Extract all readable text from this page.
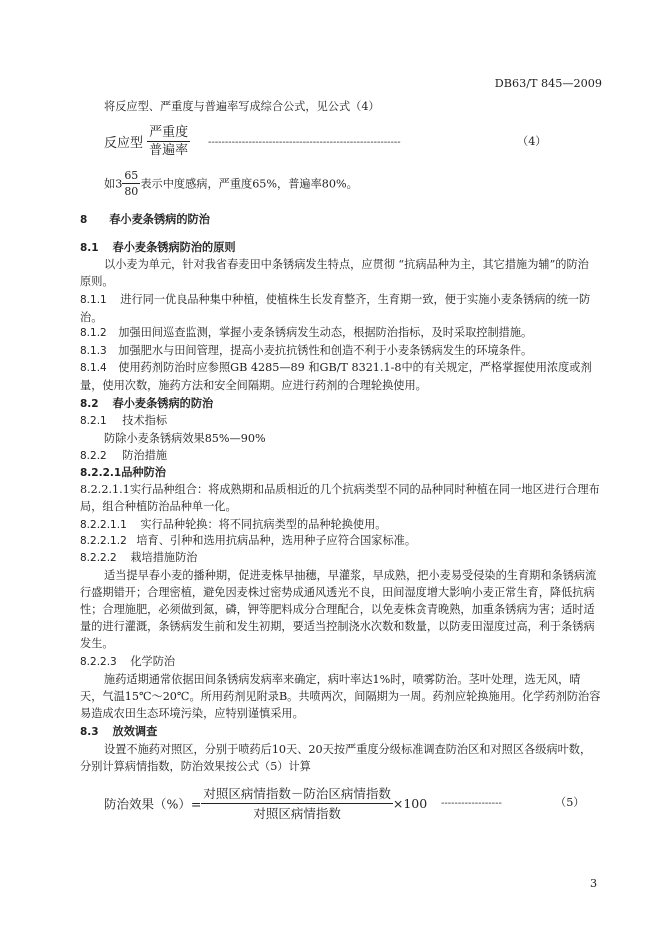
DB63/T 845—2009
将反应型、严重度与普遍率写成综合公式，见公式（4）
反应型 $\frac{\text{严重度}}{\text{普遍率}}$ ---------------------------------------------------------	（4）
如$3 \frac{65}{80}$ 表示中度感病，严重度65%，普遍率80%。
8 春小麦条锈病的防治
8.1 春小麦条锈病防治的原则
以小麦为单元，针对我省春麦田中条锈病发生特点，应贯彻 “抗病品种为主，其它措施为辅”的防治原则。
8.1.1 进行同一优良品种集中种植，使植株生长发育整齐，生育期一致，便于实施小麦条锈病的统一防治。
8.1.2 加强田间巡查监测，掌握小麦条锈病发生动态，根据防治指标，及时采取控制措施。
8.1.3 加强肥水与田间管理，提高小麦抗抗锈性和创造不利于小麦条锈病发生的环境条件。
8.1.4 使用药剂防治时应参照GB 4285—89 和GB/T 8321.1-8中的有关规定，严格掌握使用浓度或剂量，使用次数，施药方法和安全间隔期。应进行药剂的合理轮换使用。
8.2 春小麦条锈病的防治
8.2.1 技术指标
防除小麦条锈病效果85%—90%
8.2.2 防治措施
8.2.2.1品种防治
8.2.2.1.1实行品种组合：将成熟期和品质相近的几个抗病类型不同的品种同时种植在同一地区进行合理布局，组合种植防治品种单一化。
8.2.2.1.1 实行品种轮换：将不同抗病类型的品种轮换使用。
8.2.2.1.2 培育、引种和选用抗病品种，选用种子应符合国家标准。
8.2.2.2 栽培措施防治
适当提早春小麦的播种期，促进麦株早抽穗，早灌浆，早成熟，把小麦易受侵染的生育期和条锈病流行盛期错开；合理密植，避免因麦株过密势成通风透光不良，田间湿度增大影响小麦正常生育，降低抗病性；合理施肥，必须做到氮，磷，钾等肥料成分合理配合，以免麦株贪青晚熟，加重条锈病为害；适时适量的进行灌溉，条锈病发生前和发生初期，要适当控制浇水次数和数量，以防麦田湿度过高，利于条锈病发生。
8.2.2.3 化学防治
施药适期通常依据田间条锈病发病率来确定，病叶率达1%时，喷雾防治。茎叶处理，选无风，晴天，气温15℃～20℃。所用药剂见附录B。共喷两次，间隔期为一周。药剂应轮换施用。化学药剂防治容易造成农田生态环境污染，应特别谨慎采用。
8.3 放效调查
设置不施药对照区，分别于喷药后10天、20天按严重度分级标准调查防治区和对照区各级病叶数，分别计算病情指数，防治效果按公式（5）计算
防治效果（%）= $\frac{\text{对照区病情指数－防治区病情指数}}{\text{对照区病情指数}} \times 100$ ------------------	（5）
3
